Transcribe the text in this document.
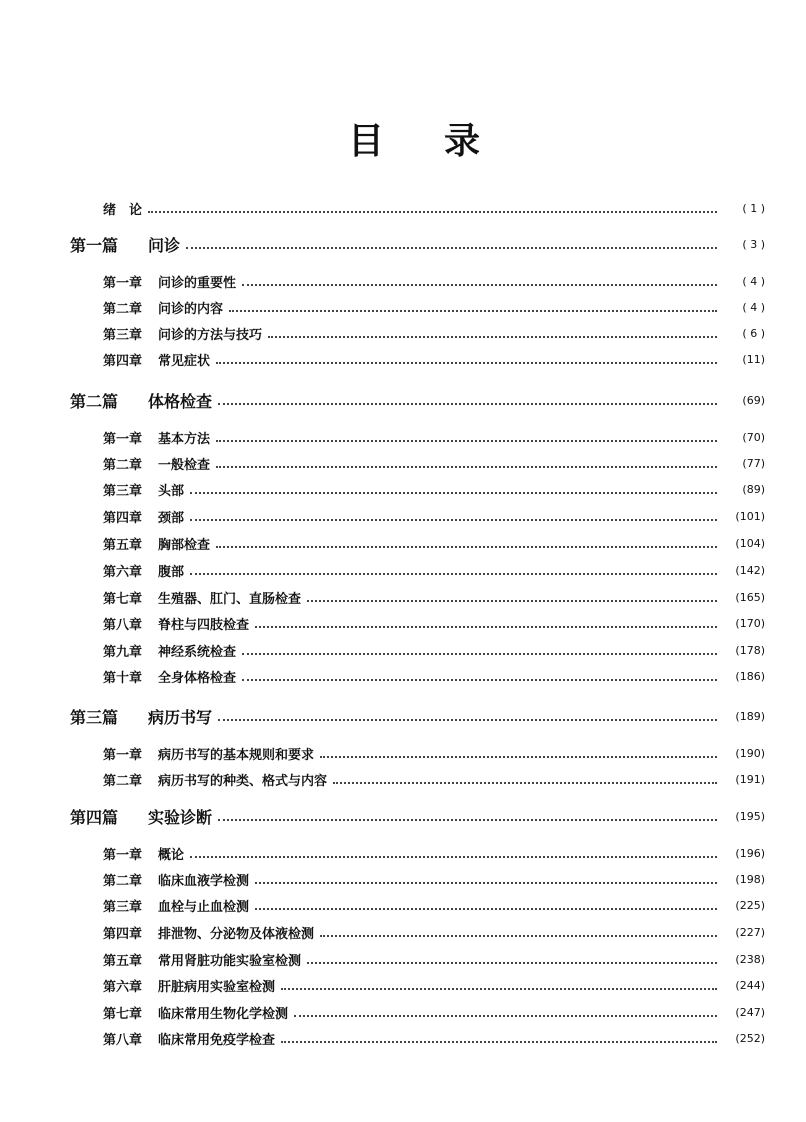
目 录
绪　论	( 1 )
第一篇 问诊	( 3 )
第一章 问诊的重要性	( 4 )
第二章 问诊的内容	( 4 )
第三章 问诊的方法与技巧	( 6 )
第四章 常见症状	(11)
第二篇 体格检查	(69)
第一章 基本方法	(70)
第二章 一般检查	(77)
第三章 头部	(89)
第四章 颈部	(101)
第五章 胸部检查	(104)
第六章 腹部	(142)
第七章 生殖器、肛门、直肠检查	(165)
第八章 脊柱与四肢检查	(170)
第九章 神经系统检查	(178)
第十章 全身体格检查	(186)
第三篇 病历书写	(189)
第一章 病历书写的基本规则和要求	(190)
第二章 病历书写的种类、格式与内容	(191)
第四篇 实验诊断	(195)
第一章 概论	(196)
第二章 临床血液学检测	(198)
第三章 血栓与止血检测	(225)
第四章 排泄物、分泌物及体液检测	(227)
第五章 常用肾脏功能实验室检测	(238)
第六章 肝脏病用实验室检测	(244)
第七章 临床常用生物化学检测	(247)
第八章 临床常用免疫学检查	(252)
